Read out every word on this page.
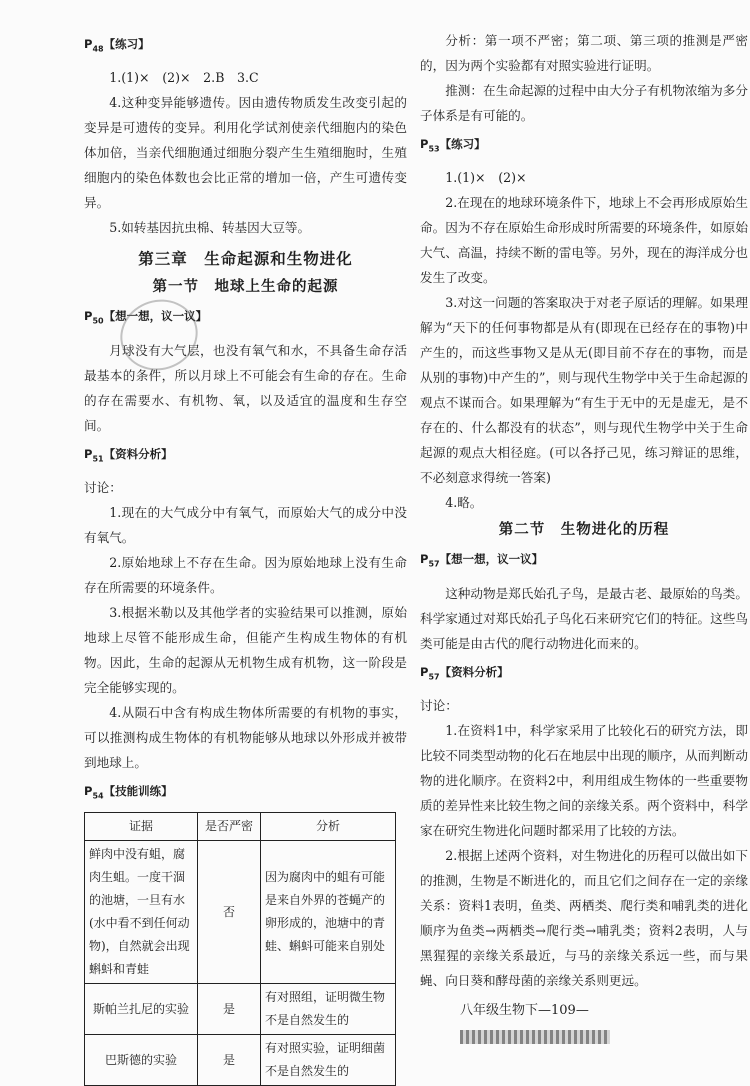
$P_{48}$【练习】

1.(1)×　(2)×　2.B　3.C

4.这种变异能够遗传。因由遗传物质发生改变引起的变异是可遗传的变异。利用化学试剂使亲代细胞内的染色体加倍，当亲代细胞通过细胞分裂产生生殖细胞时，生殖细胞内的染色体数也会比正常的增加一倍，产生可遗传变异。

5.如转基因抗虫棉、转基因大豆等。

第三章　生命起源和生物进化
第一节　地球上生命的起源

$P_{50}$【想一想，议一议】

月球没有大气层，也没有氧气和水，不具备生命存活最基本的条件，所以月球上不可能会有生命的存在。生命的存在需要水、有机物、氧，以及适宜的温度和生存空间。

$P_{51}$【资料分析】

讨论：

1.现在的大气成分中有氧气，而原始大气的成分中没有氧气。

2.原始地球上不存在生命。因为原始地球上没有生命存在所需要的环境条件。

3.根据米勒以及其他学者的实验结果可以推测，原始地球上尽管不能形成生命，但能产生构成生物体的有机物。因此，生命的起源从无机物生成有机物，这一阶段是完全能够实现的。

4.从陨石中含有构成生物体所需要的有机物的事实，可以推测构成生物体的有机物能够从地球以外形成并被带到地球上。

$P_{54}$【技能训练】

证据	是否严密	分析
鲜肉中没有蛆，腐肉生蛆。一度干涸的池塘，一旦有水(水中看不到任何动物)，自然就会出现蝌蚪和青蛙	否	因为腐肉中的蛆有可能是来自外界的苍蝇产的卵形成的，池塘中的青蛙、蝌蚪可能来自别处
斯帕兰扎尼的实验	是	有对照组，证明微生物不是自然发生的
巴斯德的实验	是	有对照实验，证明细菌不是自然发生的

分析：第一项不严密；第二项、第三项的推测是严密的，因为两个实验都有对照实验进行证明。

推测：在生命起源的过程中由大分子有机物浓缩为多分子体系是有可能的。

$P_{53}$【练习】

1.(1)×　(2)×

2.在现在的地球环境条件下，地球上不会再形成原始生命。因为不存在原始生命形成时所需要的环境条件，如原始大气、高温，持续不断的雷电等。另外，现在的海洋成分也发生了改变。

3.对这一问题的答案取决于对老子原话的理解。如果理解为“天下的任何事物都是从有(即现在已经存在的事物)中产生的，而这些事物又是从无(即目前不存在的事物，而是从别的事物)中产生的”，则与现代生物学中关于生命起源的观点不谋而合。如果理解为“有生于无中的无是虚无，是不存在的、什么都没有的状态”，则与现代生物学中关于生命起源的观点大相径庭。(可以各抒己见，练习辩证的思维，不必刻意求得统一答案)

4.略。

第二节　生物进化的历程

$P_{57}$【想一想，议一议】

这种动物是郑氏始孔子鸟，是最古老、最原始的鸟类。科学家通过对郑氏始孔子鸟化石来研究它们的特征。这些鸟类可能是由古代的爬行动物进化而来的。

$P_{57}$【资料分析】

讨论：

1.在资料1中，科学家采用了比较化石的研究方法，即比较不同类型动物的化石在地层中出现的顺序，从而判断动物的进化顺序。在资料2中，利用组成生物体的一些重要物质的差异性来比较生物之间的亲缘关系。两个资料中，科学家在研究生物进化问题时都采用了比较的方法。

2.根据上述两个资料，对生物进化的历程可以做出如下的推测，生物是不断进化的，而且它们之间存在一定的亲缘关系：资料1表明，鱼类、两栖类、爬行类和哺乳类的进化顺序为鱼类→两栖类→爬行类→哺乳类；资料2表明，人与黑猩猩的亲缘关系最近，与马的亲缘关系远一些，而与果蝇、向日葵和酵母菌的亲缘关系则更远。

八年级生物下—109—
